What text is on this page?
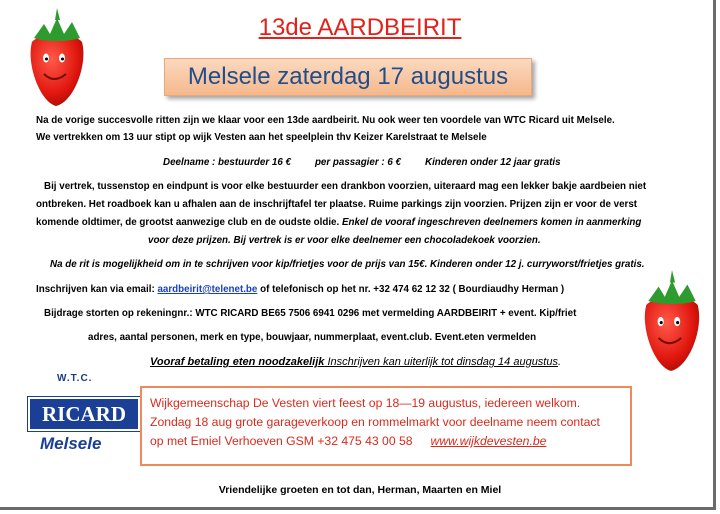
13de AARDBEIRIT
Melsele zaterdag 17 augustus
Na de vorige succesvolle ritten zijn we klaar voor een 13de aardbeirit. Nu ook weer ten voordele van WTC Ricard uit Melsele.
We vertrekken om 13 uur stipt op wijk Vesten aan het speelplein thv Keizer Karelstraat te Melsele
Deelname : bestuurder 16 € per passagier : 6 € Kinderen onder 12 jaar gratis
Bij vertrek, tussenstop en eindpunt is voor elke bestuurder een drankbon voorzien, uiteraard mag een lekker bakje aardbeien niet
ontbreken. Het roadboek kan u afhalen aan de inschrijftafel ter plaatse. Ruime parkings zijn voorzien. Prijzen zijn er voor de verst
komende oldtimer, de grootst aanwezige club en de oudste oldie. Enkel de vooraf ingeschreven deelnemers komen in aanmerking
voor deze prijzen. Bij vertrek is er voor elke deelnemer een chocoladekoek voorzien.
Na de rit is mogelijkheid om in te schrijven voor kip/frietjes voor de prijs van 15€. Kinderen onder 12 j. curryworst/frietjes gratis.
Inschrijven kan via email: aardbeirit@telenet.be of telefonisch op het nr. +32 474 62 12 32 ( Bourdiaudhy Herman )
Bijdrage storten op rekeningnr.: WTC RICARD BE65 7506 6941 0296 met vermelding AARDBEIRIT + event. Kip/friet
adres, aantal personen, merk en type, bouwjaar, nummerplaat, event.club. Event.eten vermelden
Vooraf betaling eten noodzakelijk Inschrijven kan uiterlijk tot dinsdag 14 augustus.
W.T.C.
RICARD
Melsele
Wijkgemeenschap De Vesten viert feest op 18—19 augustus, iedereen welkom.
Zondag 18 aug grote garageverkoop en rommelmarkt voor deelname neem contact
op met Emiel Verhoeven GSM +32 475 43 00 58 www.wijkdevesten.be
Vriendelijke groeten en tot dan, Herman, Maarten en Miel
